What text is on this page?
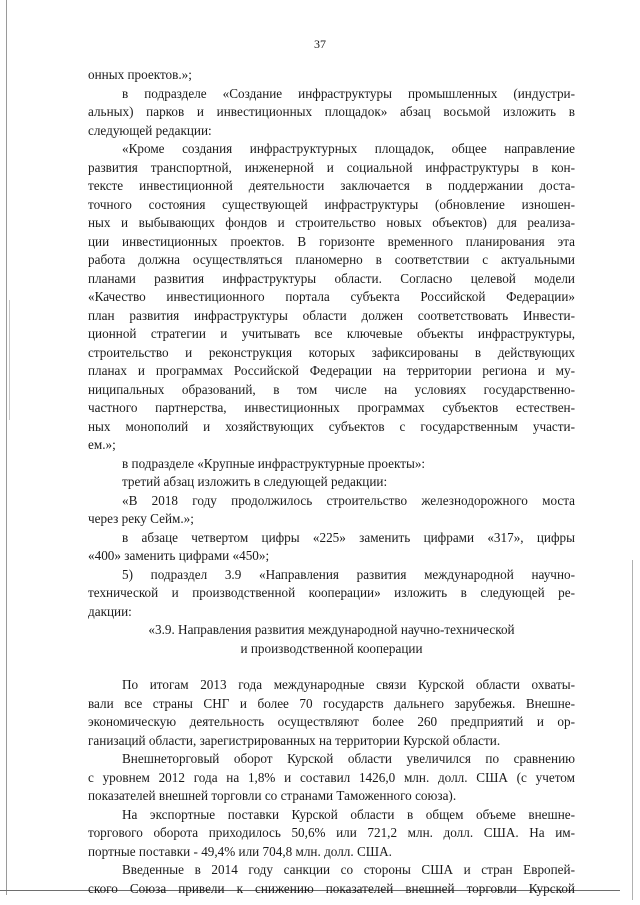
37
онных проектов.»;
в подразделе «Создание инфраструктуры промышленных (индустри-
альных) парков и инвестиционных площадок» абзац восьмой изложить в
следующей редакции:
«Кроме создания инфраструктурных площадок, общее направление
развития транспортной, инженерной и социальной инфраструктуры в кон-
тексте инвестиционной деятельности заключается в поддержании доста-
точного состояния существующей инфраструктуры (обновление изношен-
ных и выбывающих фондов и строительство новых объектов) для реализа-
ции инвестиционных проектов. В горизонте временного планирования эта
работа должна осуществляться планомерно в соответствии с актуальными
планами развития инфраструктуры области. Согласно целевой модели
«Качество инвестиционного портала субъекта Российской Федерации»
план развития инфраструктуры области должен соответствовать Инвести-
ционной стратегии и учитывать все ключевые объекты инфраструктуры,
строительство и реконструкция которых зафиксированы в действующих
планах и программах Российской Федерации на территории региона и му-
ниципальных образований, в том числе на условиях государственно-
частного партнерства, инвестиционных программах субъектов естествен-
ных монополий и хозяйствующих субъектов с государственным участи-
ем.»;
в подразделе «Крупные инфраструктурные проекты»:
третий абзац изложить в следующей редакции:
«В 2018 году продолжилось строительство железнодорожного моста
через реку Сейм.»;
в абзаце четвертом цифры «225» заменить цифрами «317», цифры
«400» заменить цифрами «450»;
5) подраздел 3.9 «Направления развития международной научно-
технической и производственной кооперации» изложить в следующей ре-
дакции:
«3.9. Направления развития международной научно-технической
и производственной кооперации
По итогам 2013 года международные связи Курской области охваты-
вали все страны СНГ и более 70 государств дальнего зарубежья. Внешне-
экономическую деятельность осуществляют более 260 предприятий и ор-
ганизаций области, зарегистрированных на территории Курской области.
Внешнеторговый оборот Курской области увеличился по сравнению
с уровнем 2012 года на 1,8% и составил 1426,0 млн. долл. США (с учетом
показателей внешней торговли со странами Таможенного союза).
На экспортные поставки Курской области в общем объеме внешне-
торгового оборота приходилось 50,6% или 721,2 млн. долл. США. На им-
портные поставки - 49,4% или 704,8 млн. долл. США.
Введенные в 2014 году санкции со стороны США и стран Европей-
ского Союза привели к снижению показателей внешней торговли Курской
